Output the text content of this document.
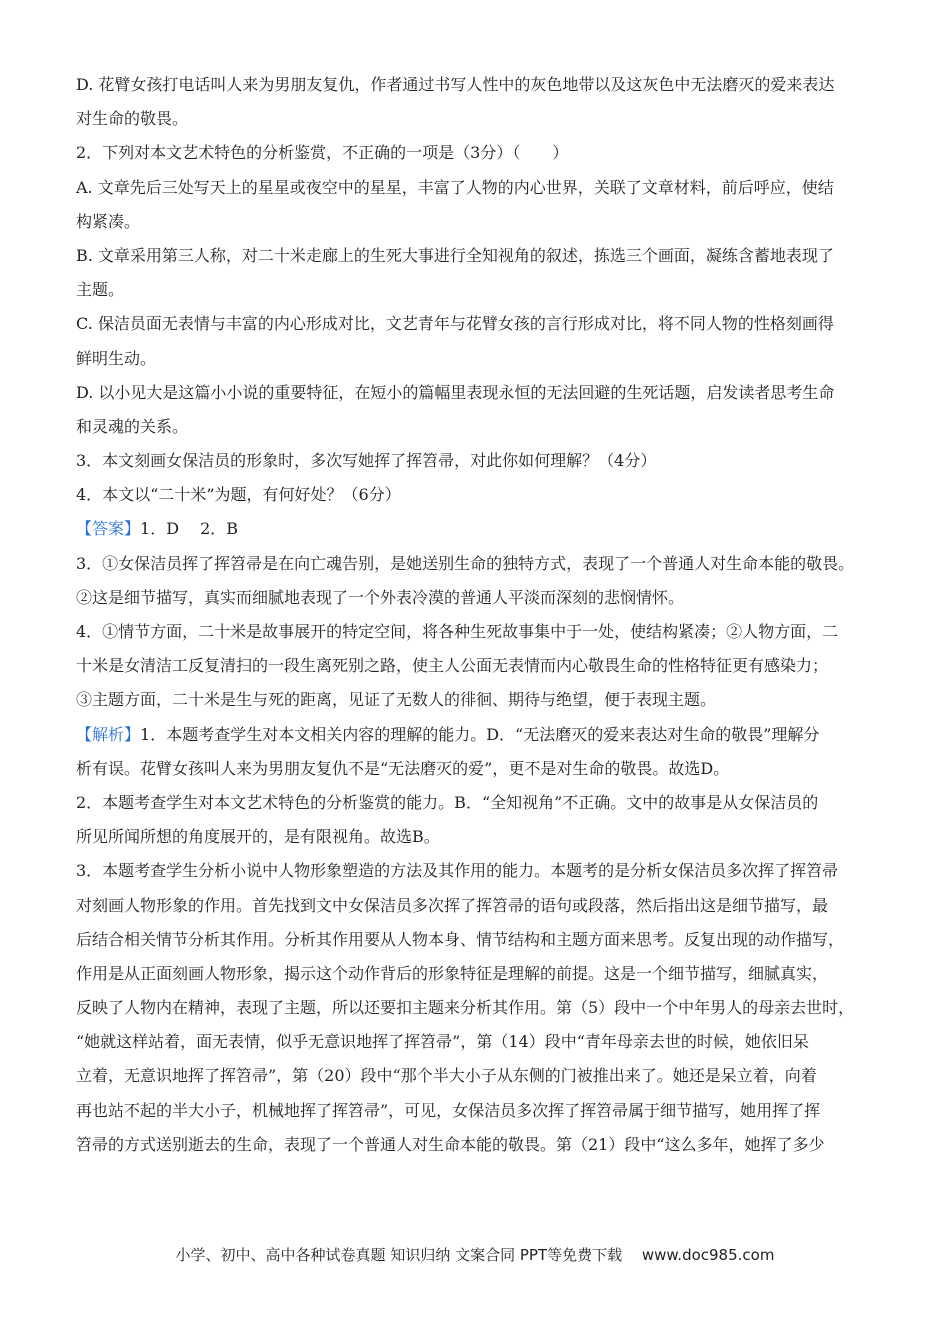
D. 花臂女孩打电话叫人来为男朋友复仇，作者通过书写人性中的灰色地带以及这灰色中无法磨灭的爱来表达
对生命的敬畏。
2．下列对本文艺术特色的分析鉴赏，不正确的一项是（3分）（　　）
A. 文章先后三处写天上的星星或夜空中的星星，丰富了人物的内心世界，关联了文章材料，前后呼应，使结
构紧凑。
B. 文章采用第三人称，对二十米走廊上的生死大事进行全知视角的叙述，拣选三个画面，凝练含蓄地表现了
主题。
C. 保洁员面无表情与丰富的内心形成对比，文艺青年与花臂女孩的言行形成对比，将不同人物的性格刻画得
鲜明生动。
D. 以小见大是这篇小小说的重要特征，在短小的篇幅里表现永恒的无法回避的生死话题，启发读者思考生命
和灵魂的关系。
3．本文刻画女保洁员的形象时，多次写她挥了挥笤帚，对此你如何理解？（4分）
4．本文以“二十米”为题，有何好处？（6分）
【答案】1．D　 2．B
3．①女保洁员挥了挥笤帚是在向亡魂告别，是她送别生命的独特方式，表现了一个普通人对生命本能的敬畏。
②这是细节描写，真实而细腻地表现了一个外表冷漠的普通人平淡而深刻的悲悯情怀。
4．①情节方面，二十米是故事展开的特定空间，将各种生死故事集中于一处，使结构紧凑；②人物方面，二
十米是女清洁工反复清扫的一段生离死别之路，使主人公面无表情而内心敬畏生命的性格特征更有感染力；
③主题方面，二十米是生与死的距离，见证了无数人的徘徊、期待与绝望，便于表现主题。
【解析】1．本题考查学生对本文相关内容的理解的能力。D．“无法磨灭的爱来表达对生命的敬畏”理解分
析有误。花臂女孩叫人来为男朋友复仇不是“无法磨灭的爱”，更不是对生命的敬畏。故选D。
2．本题考查学生对本文艺术特色的分析鉴赏的能力。B．“全知视角”不正确。文中的故事是从女保洁员的
所见所闻所想的角度展开的，是有限视角。故选B。
3．本题考查学生分析小说中人物形象塑造的方法及其作用的能力。本题考的是分析女保洁员多次挥了挥笤帚
对刻画人物形象的作用。首先找到文中女保洁员多次挥了挥笤帚的语句或段落，然后指出这是细节描写，最
后结合相关情节分析其作用。分析其作用要从人物本身、情节结构和主题方面来思考。反复出现的动作描写，
作用是从正面刻画人物形象，揭示这个动作背后的形象特征是理解的前提。这是一个细节描写，细腻真实，
反映了人物内在精神，表现了主题，所以还要扣主题来分析其作用。第（5）段中一个中年男人的母亲去世时，
“她就这样站着，面无表情，似乎无意识地挥了挥笤帚”，第（14）段中“青年母亲去世的时候，她依旧呆
立着，无意识地挥了挥笤帚”，第（20）段中“那个半大小子从东侧的门被推出来了。她还是呆立着，向着
再也站不起的半大小子，机械地挥了挥笤帚”，可见，女保洁员多次挥了挥笤帚属于细节描写，她用挥了挥
笤帚的方式送别逝去的生命，表现了一个普通人对生命本能的敬畏。第（21）段中“这么多年，她挥了多少
小学、初中、高中各种试卷真题 知识归纳 文案合同 PPT等免费下载　 www.doc985.com
